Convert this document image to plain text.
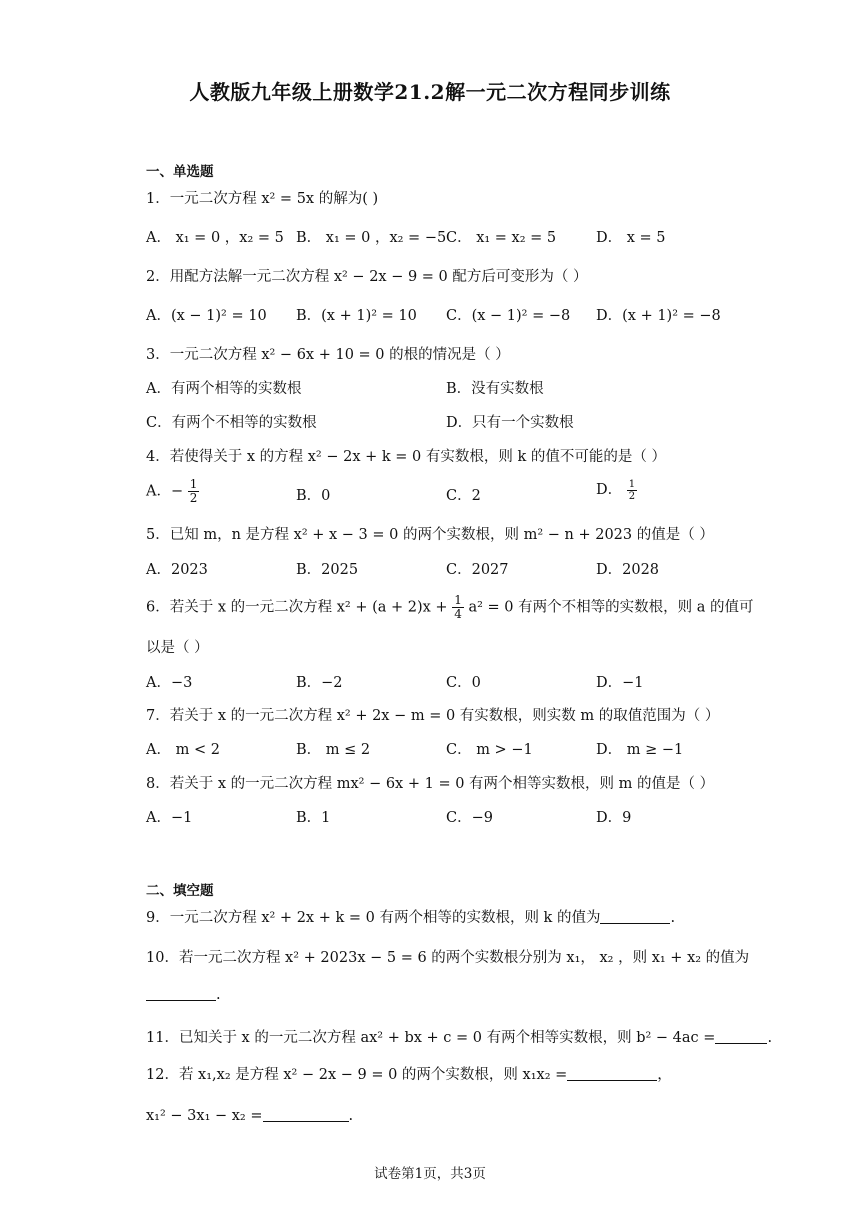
人教版九年级上册数学21.2解一元二次方程同步训练
一、单选题
1．一元二次方程 x² = 5x 的解为( )
A． x₁ = 0 ，x₂ = 5 B． x₁ = 0 ，x₂ = −5 C． x₁ = x₂ = 5	D． x = 5
2．用配方法解一元二次方程 x² − 2x − 9 = 0 配方后可变形为（ ）
A．(x − 1)² = 10 B．(x + 1)² = 10 C．(x − 1)² = −8 D．(x + 1)² = −8
3．一元二次方程 x² − 6x + 10 = 0 的根的情况是（ ）
A．有两个相等的实数根	B．没有实数根
C．有两个不相等的实数根	D．只有一个实数根
4．若使得关于 x 的方程 x² − 2x + k = 0 有实数根，则 k 的值不可能的是（ ）
A．− $\frac{1}{2}$	B．0	C．2	D． $\frac{1}{2}$
5．已知 m，n 是方程 x² + x − 3 = 0 的两个实数根，则 m² − n + 2023 的值是（ ）
A．2023	B．2025	C．2027	D．2028
6．若关于 x 的一元二次方程 $x^2 + (a + 2)x + \frac{1}{4} a^2 = 0$ 有两个不相等的实数根，则 a 的值可
以是（ ）
A．−3	B．−2	C．0	D．−1
7．若关于 x 的一元二次方程 x² + 2x − m = 0 有实数根，则实数 m 的取值范围为（ ）
A． m < 2	B． m ≤ 2	C． m > −1	D． m ≥ −1
8．若关于 x 的一元二次方程 mx² − 6x + 1 = 0 有两个相等实数根，则 m 的值是（ ）
A．−1	B．1	C．−9	D．9
二、填空题
9．一元二次方程 x² + 2x + k = 0 有两个相等的实数根，则 k 的值为	.
10．若一元二次方程 x² + 2023x − 5 = 6 的两个实数根分别为 x₁， x₂ ，则 x₁ + x₂ 的值为
.
11．已知关于 x 的一元二次方程 ax² + bx + c = 0 有两个相等实数根，则 b² − 4ac =	.
12．若 x₁,x₂ 是方程 x² − 2x − 9 = 0 的两个实数根，则 x₁x₂ =	，
x₁² − 3x₁ − x₂ =	.
试卷第1页，共3页
